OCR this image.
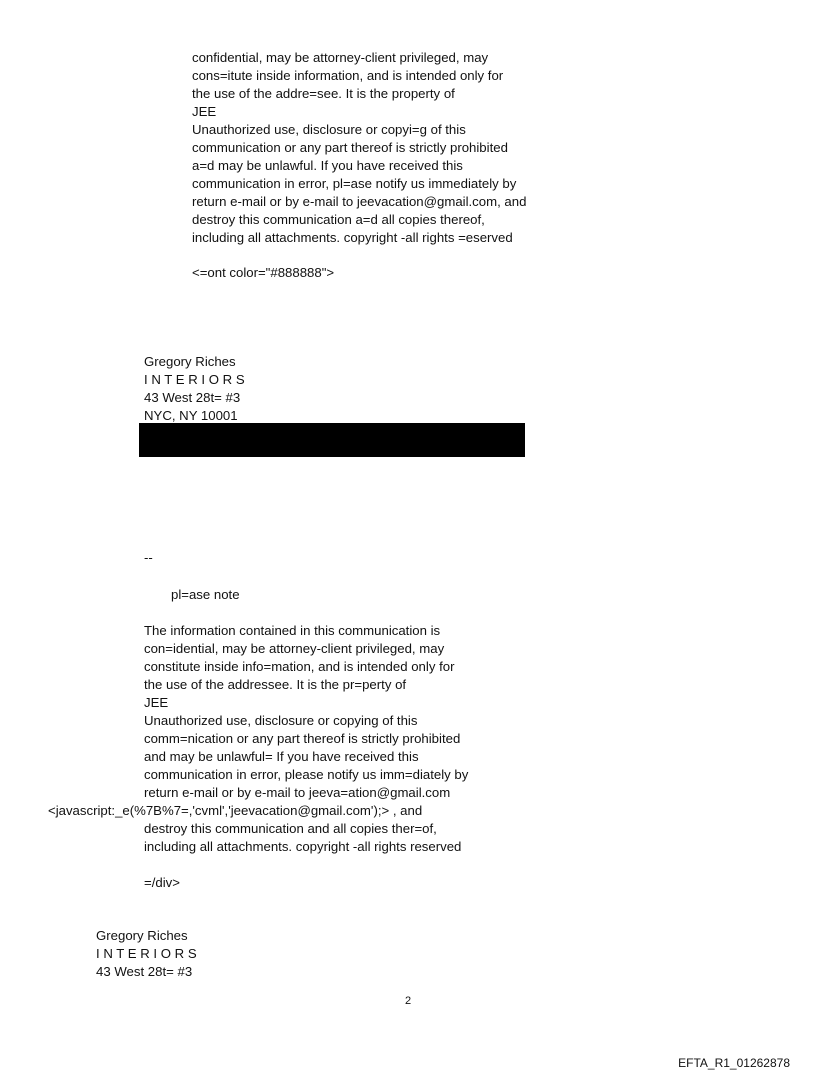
confidential, may be attorney-client privileged, may
cons=itute inside information, and is intended only for
the use of the addre=see. It is the property of
JEE
Unauthorized use, disclosure or copyi=g of this
communication or any part thereof is strictly prohibited
a=d may be unlawful. If you have received this
communication in error, pl=ase notify us immediately by
return e-mail or by e-mail to jeevacation@gmail.com, and
destroy this communication a=d all copies thereof,
including all attachments. copyright -all rights =eserved
<=ont color="#888888">
Gregory Riches
I N T E R I O R S
43 West 28t= #3
NYC, NY 10001
--
pl=ase note
The information contained in this communication is
con=idential, may be attorney-client privileged, may
constitute inside info=mation, and is intended only for
the use of the addressee. It is the pr=perty of
JEE
Unauthorized use, disclosure or copying of this
comm=nication or any part thereof is strictly prohibited
and may be unlawful= If you have received this
communication in error, please notify us imm=diately by
return e-mail or by e-mail to jeeva=ation@gmail.com
<javascript:_e(%7B%7=,'cvml','jeevacation@gmail.com');> , and
destroy this communication and all copies ther=of,
including all attachments. copyright -all rights reserved
=/div>
Gregory Riches
I N T E R I O R S
43 West 28t= #3
2
EFTA_R1_01262878
